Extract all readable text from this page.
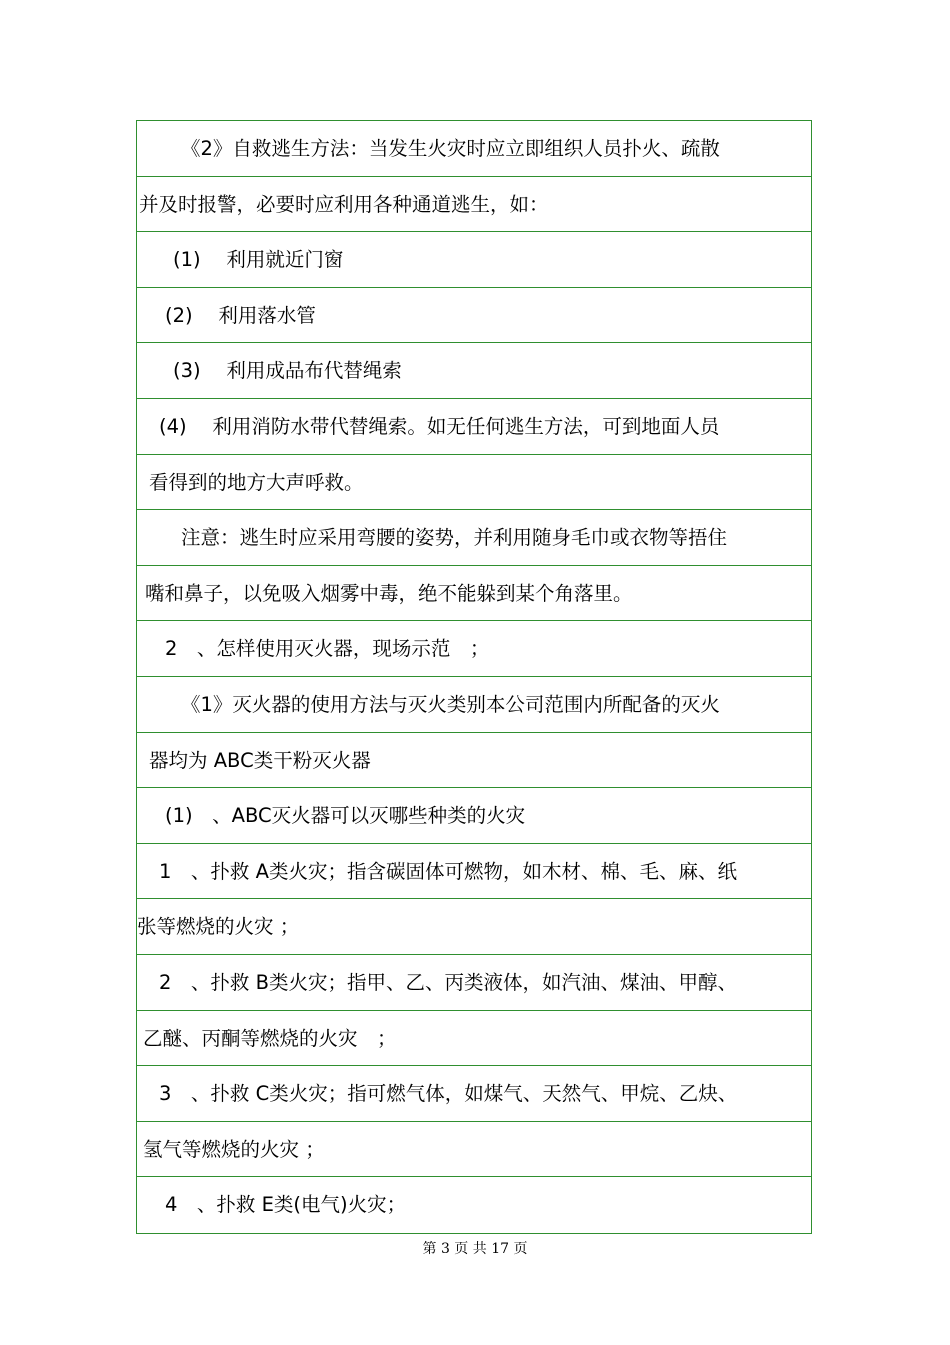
《2》自救逃生方法：当发生火灾时应立即组织人员扑火、疏散
并及时报警，必要时应利用各种通道逃生，如：
(1)　 利用就近门窗
(2)　 利用落水管
(3)　 利用成品布代替绳索
(4)　 利用消防水带代替绳索。如无任何逃生方法，可到地面人员
看得到的地方大声呼救。
注意：逃生时应采用弯腰的姿势，并利用随身毛巾或衣物等捂住
嘴和鼻子，以免吸入烟雾中毒，绝不能躲到某个角落里。
2　、怎样使用灭火器，现场示范　；
《1》灭火器的使用方法与灭火类别本公司范围内所配备的灭火
器均为 ABC类干粉灭火器
(1)　、ABC灭火器可以灭哪些种类的火灾
1　、扑救 A类火灾；指含碳固体可燃物，如木材、棉、毛、麻、纸
张等燃烧的火灾 ；
2　、扑救 B类火灾；指甲、乙、丙类液体，如汽油、煤油、甲醇、
乙醚、丙酮等燃烧的火灾　；
3　、扑救 C类火灾；指可燃气体，如煤气、天然气、甲烷、乙炔、
氢气等燃烧的火灾 ；
4　、扑救 E类(电气)火灾；
第 3 页 共 17 页
